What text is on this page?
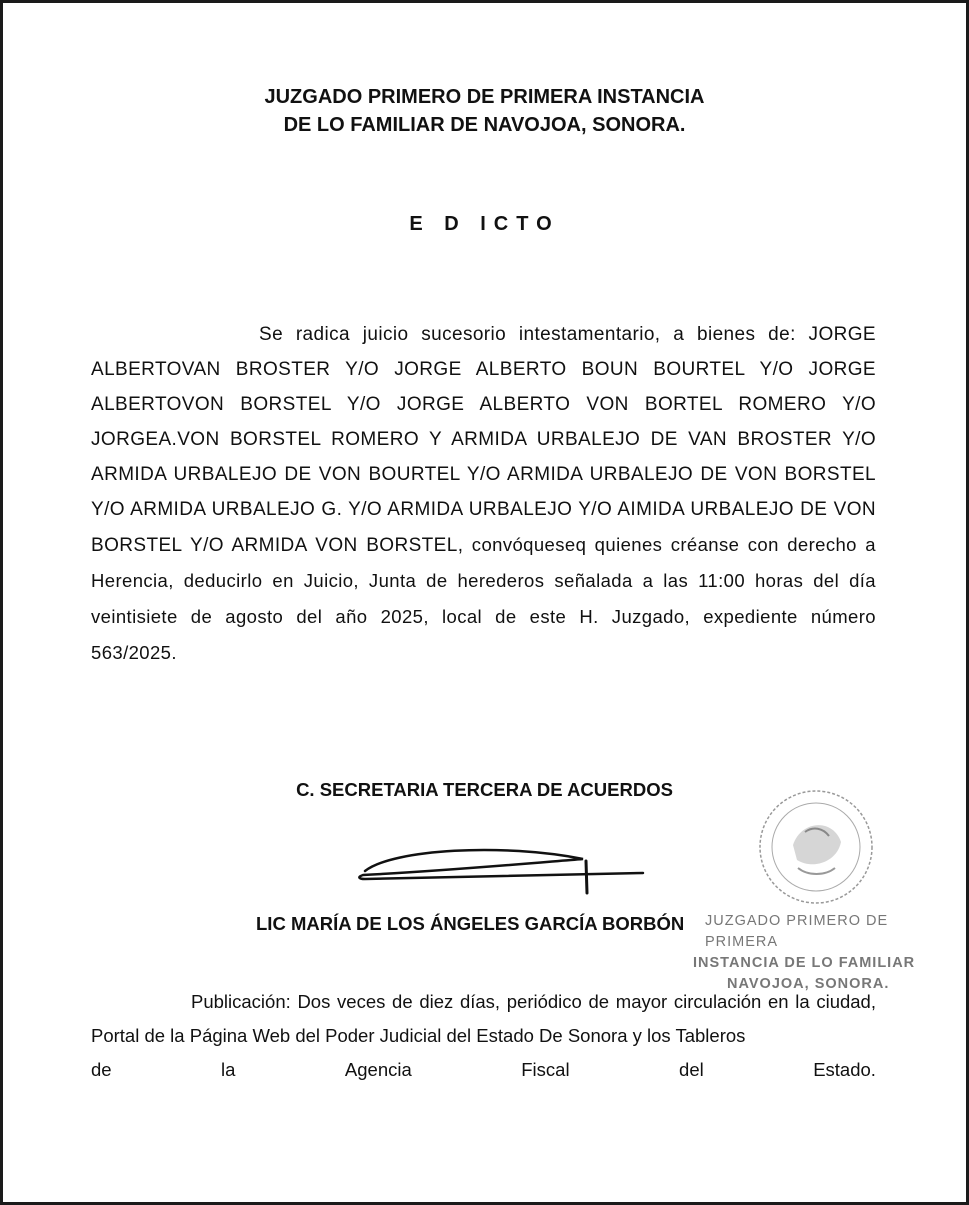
JUZGADO PRIMERO DE PRIMERA INSTANCIA
DE LO FAMILIAR DE NAVOJOA, SONORA.
E D ICTO

Se radica juicio sucesorio intestamentario, a bienes de: JORGE ALBERTOVAN BROSTER Y/O JORGE ALBERTO BOUN BOURTEL Y/O JORGE ALBERTOVON BORSTEL Y/O JORGE ALBERTO VON BORTEL ROMERO Y/O JORGEA.VON BORSTEL ROMERO Y ARMIDA URBALEJO DE VAN BROSTER Y/O ARMIDA URBALEJO DE VON BOURTEL Y/O ARMIDA URBALEJO DE VON BORSTEL Y/O ARMIDA URBALEJO G. Y/O ARMIDA URBALEJO Y/O AIMIDA URBALEJO DE VON BORSTEL Y/O ARMIDA VON BORSTEL, convóqueseq quienes créanse con derecho a Herencia, deducirlo en Juicio, Junta de herederos señalada a las 11:00 horas del día veintisiete de agosto del año 2025, local de este H. Juzgado, expediente número 563/2025.

C. SECRETARIA TERCERA DE ACUERDOS
LIC MARÍA DE LOS ÁNGELES GARCÍA BORBÓN	JUZGADO PRIMERO DE PRIMERA
INSTANCIA DE LO FAMILIAR
NAVOJOA, SONORA.
Publicación: Dos veces de diez días, periódico de mayor circulación en la ciudad, Portal de la Página Web del Poder Judicial del Estado De Sonora y los Tableros
de	la	Agencia	Fiscal	del	Estado.
